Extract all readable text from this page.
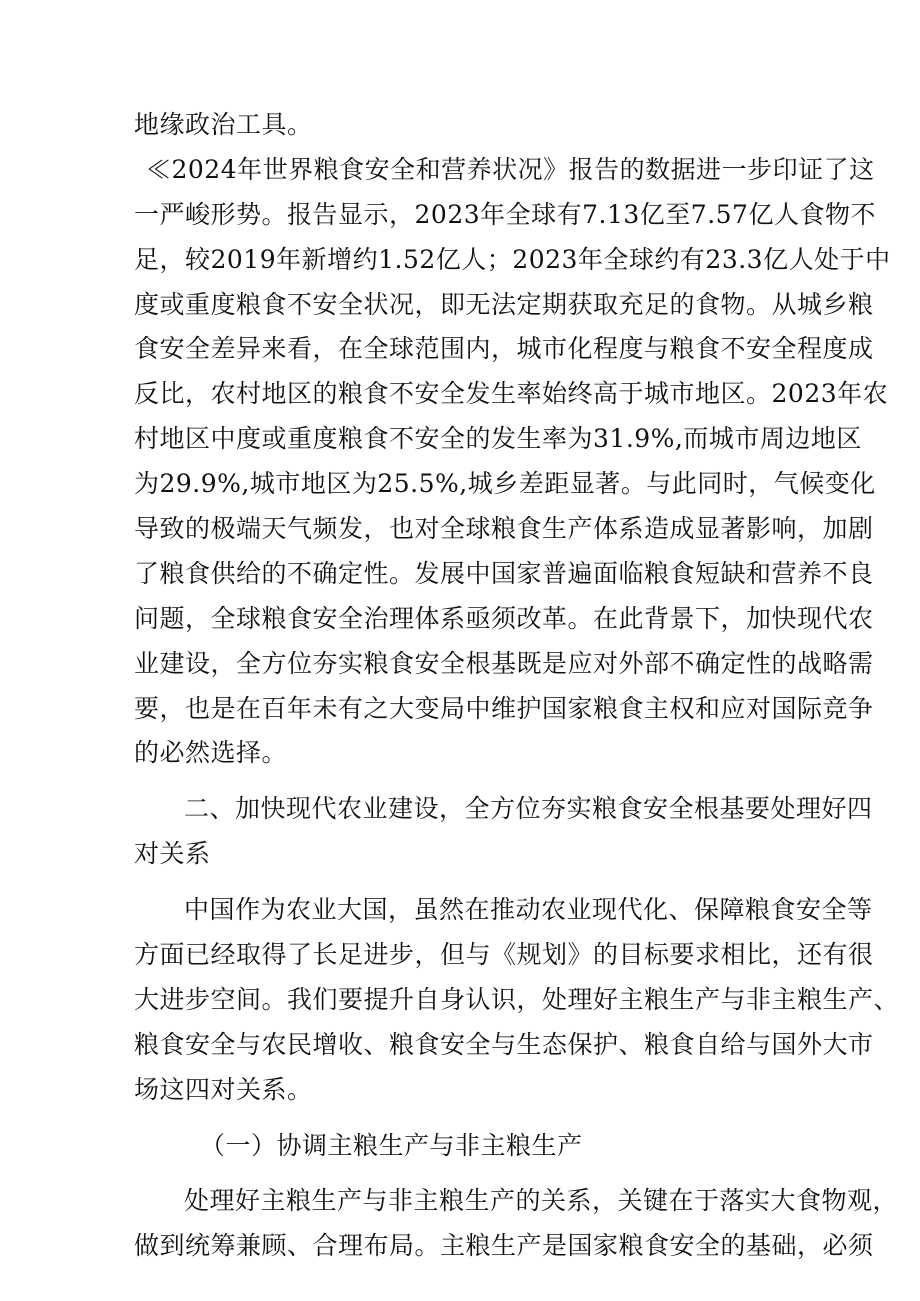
地缘政治工具。
≪2024年世界粮食安全和营养状况》报告的数据进一步印证了这
一严峻形势。报告显示，2023年全球有7.13亿至7.57亿人食物不
足，较2019年新增约1.52亿人；2023年全球约有23.3亿人处于中
度或重度粮食不安全状况，即无法定期获取充足的食物。从城乡粮
食安全差异来看，在全球范围内，城市化程度与粮食不安全程度成
反比，农村地区的粮食不安全发生率始终高于城市地区。2023年农
村地区中度或重度粮食不安全的发生率为31.9%,而城市周边地区
为29.9%,城市地区为25.5%,城乡差距显著。与此同时，气候变化
导致的极端天气频发，也对全球粮食生产体系造成显著影响，加剧
了粮食供给的不确定性。发展中国家普遍面临粮食短缺和营养不良
问题，全球粮食安全治理体系亟须改革。在此背景下，加快现代农
业建设，全方位夯实粮食安全根基既是应对外部不确定性的战略需
要，也是在百年未有之大变局中维护国家粮食主权和应对国际竞争
的必然选择。
二、加快现代农业建设，全方位夯实粮食安全根基要处理好四
对关系
中国作为农业大国，虽然在推动农业现代化、保障粮食安全等
方面已经取得了长足进步，但与《规划》的目标要求相比，还有很
大进步空间。我们要提升自身认识，处理好主粮生产与非主粮生产、
粮食安全与农民增收、粮食安全与生态保护、粮食自给与国外大市
场这四对关系。
（一）协调主粮生产与非主粮生产
处理好主粮生产与非主粮生产的关系，关键在于落实大食物观，
做到统筹兼顾、合理布局。主粮生产是国家粮食安全的基础，必须
